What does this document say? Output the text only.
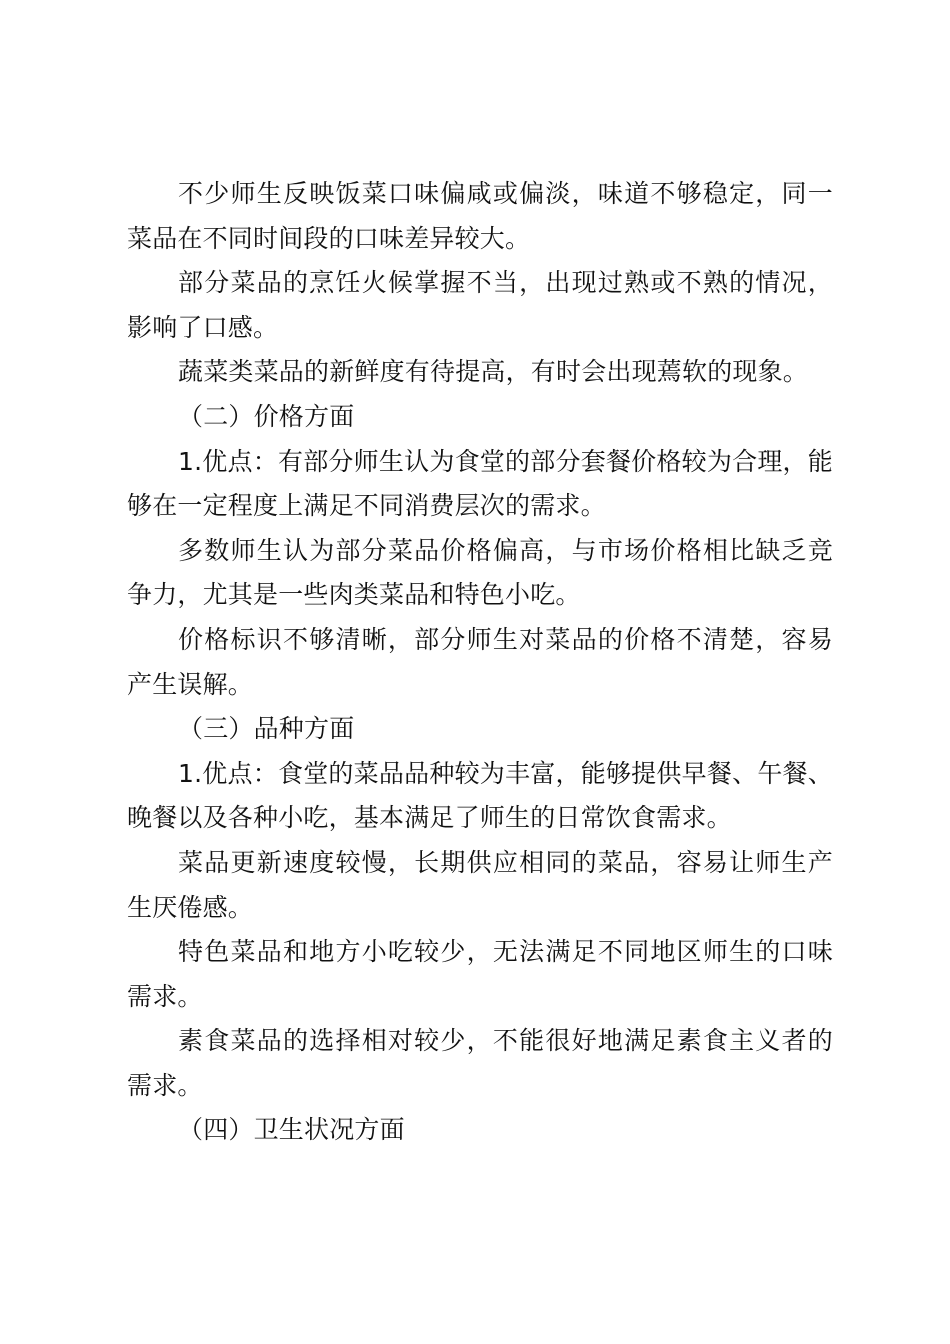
不少师生反映饭菜口味偏咸或偏淡，味道不够稳定，同一菜品在不同时间段的口味差异较大。

部分菜品的烹饪火候掌握不当，出现过熟或不熟的情况，影响了口感。

蔬菜类菜品的新鲜度有待提高，有时会出现蔫软的现象。

（二）价格方面

1.优点：有部分师生认为食堂的部分套餐价格较为合理，能够在一定程度上满足不同消费层次的需求。

多数师生认为部分菜品价格偏高，与市场价格相比缺乏竞争力，尤其是一些肉类菜品和特色小吃。

价格标识不够清晰，部分师生对菜品的价格不清楚，容易产生误解。

（三）品种方面

1.优点：食堂的菜品品种较为丰富，能够提供早餐、午餐、晚餐以及各种小吃，基本满足了师生的日常饮食需求。

菜品更新速度较慢，长期供应相同的菜品，容易让师生产生厌倦感。

特色菜品和地方小吃较少，无法满足不同地区师生的口味需求。

素食菜品的选择相对较少，不能很好地满足素食主义者的需求。

（四）卫生状况方面
